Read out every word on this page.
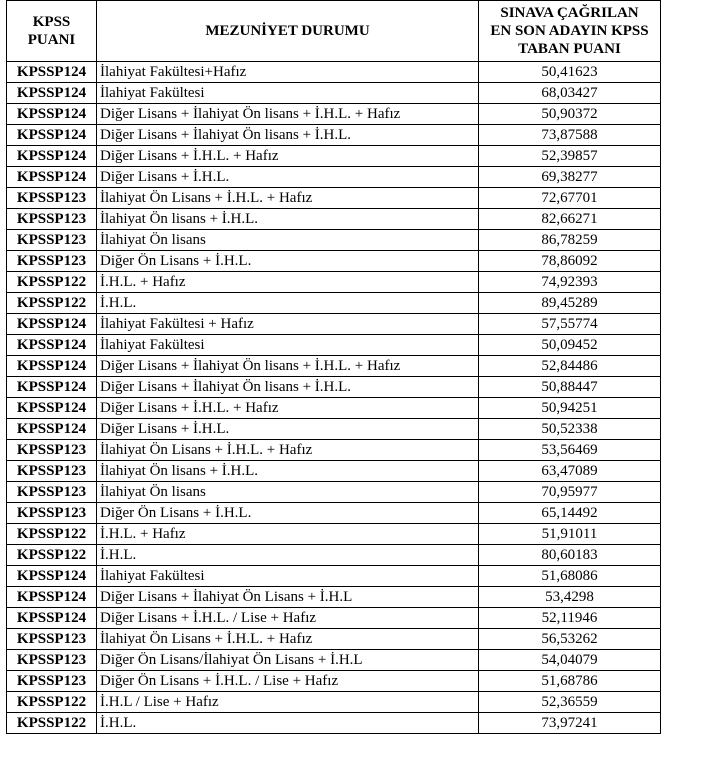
KPSS
PUANI	MEZUNİYET DURUMU	SINAVA ÇAĞRILAN
EN SON ADAYIN KPSS
TABAN PUANI

KPSSP124	İlahiyat Fakültesi+Hafız	50,41623
KPSSP124	İlahiyat Fakültesi	68,03427
KPSSP124	Diğer Lisans + İlahiyat Ön lisans + İ.H.L. + Hafız	50,90372
KPSSP124	Diğer Lisans + İlahiyat Ön lisans + İ.H.L.	73,87588
KPSSP124	Diğer Lisans + İ.H.L. + Hafız	52,39857
KPSSP124	Diğer Lisans + İ.H.L.	69,38277
KPSSP123	İlahiyat Ön Lisans + İ.H.L. + Hafız	72,67701
KPSSP123	İlahiyat Ön lisans + İ.H.L.	82,66271
KPSSP123	İlahiyat Ön lisans	86,78259
KPSSP123	Diğer Ön Lisans + İ.H.L.	78,86092
KPSSP122	İ.H.L. + Hafız	74,92393
KPSSP122	İ.H.L.	89,45289
KPSSP124	İlahiyat Fakültesi + Hafız	57,55774
KPSSP124	İlahiyat Fakültesi	50,09452
KPSSP124	Diğer Lisans + İlahiyat Ön lisans + İ.H.L. + Hafız	52,84486
KPSSP124	Diğer Lisans + İlahiyat Ön lisans + İ.H.L.	50,88447
KPSSP124	Diğer Lisans + İ.H.L. + Hafız	50,94251
KPSSP124	Diğer Lisans + İ.H.L.	50,52338
KPSSP123	İlahiyat Ön Lisans + İ.H.L. + Hafız	53,56469
KPSSP123	İlahiyat Ön lisans + İ.H.L.	63,47089
KPSSP123	İlahiyat Ön lisans	70,95977
KPSSP123	Diğer Ön Lisans + İ.H.L.	65,14492
KPSSP122	İ.H.L. + Hafız	51,91011
KPSSP122	İ.H.L.	80,60183
KPSSP124	İlahiyat Fakültesi	51,68086
KPSSP124	Diğer Lisans + İlahiyat Ön Lisans + İ.H.L	53,4298
KPSSP124	Diğer Lisans + İ.H.L. / Lise + Hafız	52,11946
KPSSP123	İlahiyat Ön Lisans + İ.H.L. + Hafız	56,53262
KPSSP123	Diğer Ön Lisans/İlahiyat Ön Lisans + İ.H.L	54,04079
KPSSP123	Diğer Ön Lisans + İ.H.L. / Lise + Hafız	51,68786
KPSSP122	İ.H.L / Lise + Hafız	52,36559
KPSSP122	İ.H.L.	73,97241
